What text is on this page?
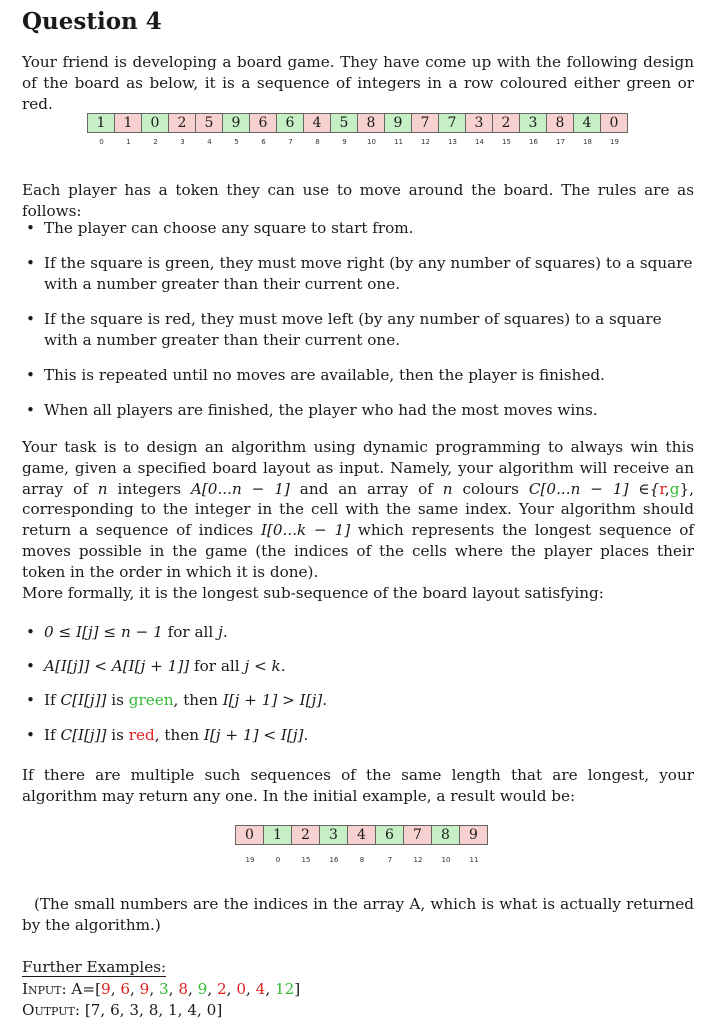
Question 4

Your friend is developing a board game. They have come up with the following design of the board as below, it is a sequence of integers in a row coloured either green or red.

1	1	0	2	5	9	6	6	4	5	8	9	7	7	3	2	3	8	4	0
0	1	2	3	4	5	6	7	8	9	10	11	12	13	14	15	16	17	18	19

Each player has a token they can use to move around the board. The rules are as follows:

• The player can choose any square to start from.
• If the square is green, they must move right (by any number of squares) to a square with a number greater than their current one.
• If the square is red, they must move left (by any number of squares) to a square with a number greater than their current one.
• This is repeated until no moves are available, then the player is finished.
• When all players are finished, the player who had the most moves wins.

Your task is to design an algorithm using dynamic programming to always win this game, given a specified board layout as input. Namely, your algorithm will receive an array of n integers A[0...n − 1] and an array of n colours C[0...n − 1] ∈{r,g}, corresponding to the integer in the cell with the same index. Your algorithm should return a sequence of indices I[0...k − 1] which represents the longest sequence of moves possible in the game (the indices of the cells where the player places their token in the order in which it is done).

More formally, it is the longest sub-sequence of the board layout satisfying:

• 0 ≤ I[j] ≤ n − 1 for all j.
• A[I[j]] < A[I[j + 1]] for all j < k.
• If C[I[j]] is green, then I[j + 1] > I[j].
• If C[I[j]] is red, then I[j + 1] < I[j].

If there are multiple such sequences of the same length that are longest, your algorithm may return any one. In the initial example, a result would be:

0	1	2	3	4	6	7	8	9
19	0	15	16	8	7	12	10	11

(The small numbers are the indices in the array A, which is what is actually returned by the algorithm.)

Further Examples:
Input: A=[9, 6, 9, 3, 8, 9, 2, 0, 4, 12]
Output: [7, 6, 3, 8, 1, 4, 0]
